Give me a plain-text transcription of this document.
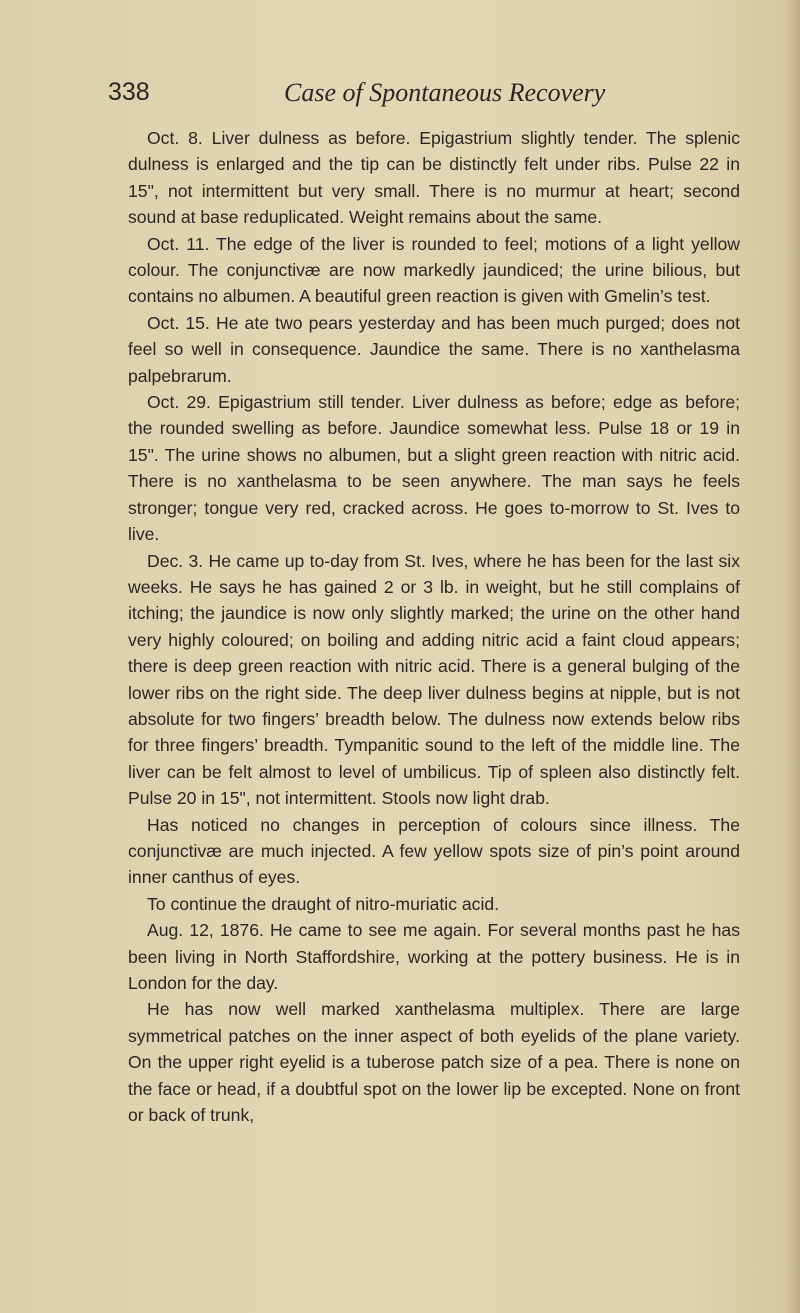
338	Case of Spontaneous Recovery

Oct. 8. Liver dulness as before. Epigastrium slightly tender. The splenic dulness is enlarged and the tip can be distinctly felt under ribs. Pulse 22 in 15", not intermittent but very small. There is no murmur at heart; second sound at base reduplicated. Weight remains about the same.

Oct. 11. The edge of the liver is rounded to feel; motions of a light yellow colour. The conjunctivæ are now markedly jaundiced; the urine bilious, but contains no albumen. A beautiful green reaction is given with Gmelin’s test.

Oct. 15. He ate two pears yesterday and has been much purged; does not feel so well in consequence. Jaundice the same. There is no xanthelasma palpebrarum.

Oct. 29. Epigastrium still tender. Liver dulness as before; edge as before; the rounded swelling as before. Jaundice somewhat less. Pulse 18 or 19 in 15". The urine shows no albumen, but a slight green reaction with nitric acid. There is no xanthelasma to be seen anywhere. The man says he feels stronger; tongue very red, cracked across. He goes to-morrow to St. Ives to live.

Dec. 3. He came up to-day from St. Ives, where he has been for the last six weeks. He says he has gained 2 or 3 lb. in weight, but he still complains of itching; the jaundice is now only slightly marked; the urine on the other hand very highly coloured; on boiling and adding nitric acid a faint cloud appears; there is deep green reaction with nitric acid. There is a general bulging of the lower ribs on the right side. The deep liver dulness begins at nipple, but is not absolute for two fingers’ breadth below. The dulness now extends below ribs for three fingers’ breadth. Tympanitic sound to the left of the middle line. The liver can be felt almost to level of umbilicus. Tip of spleen also distinctly felt. Pulse 20 in 15", not intermittent. Stools now light drab.

Has noticed no changes in perception of colours since illness. The conjunctivæ are much injected. A few yellow spots size of pin’s point around inner canthus of eyes.

To continue the draught of nitro-muriatic acid.

Aug. 12, 1876. He came to see me again. For several months past he has been living in North Staffordshire, working at the pottery business. He is in London for the day.

He has now well marked xanthelasma multiplex. There are large symmetrical patches on the inner aspect of both eyelids of the plane variety. On the upper right eyelid is a tuberose patch size of a pea. There is none on the face or head, if a doubtful spot on the lower lip be excepted. None on front or back of trunk,
